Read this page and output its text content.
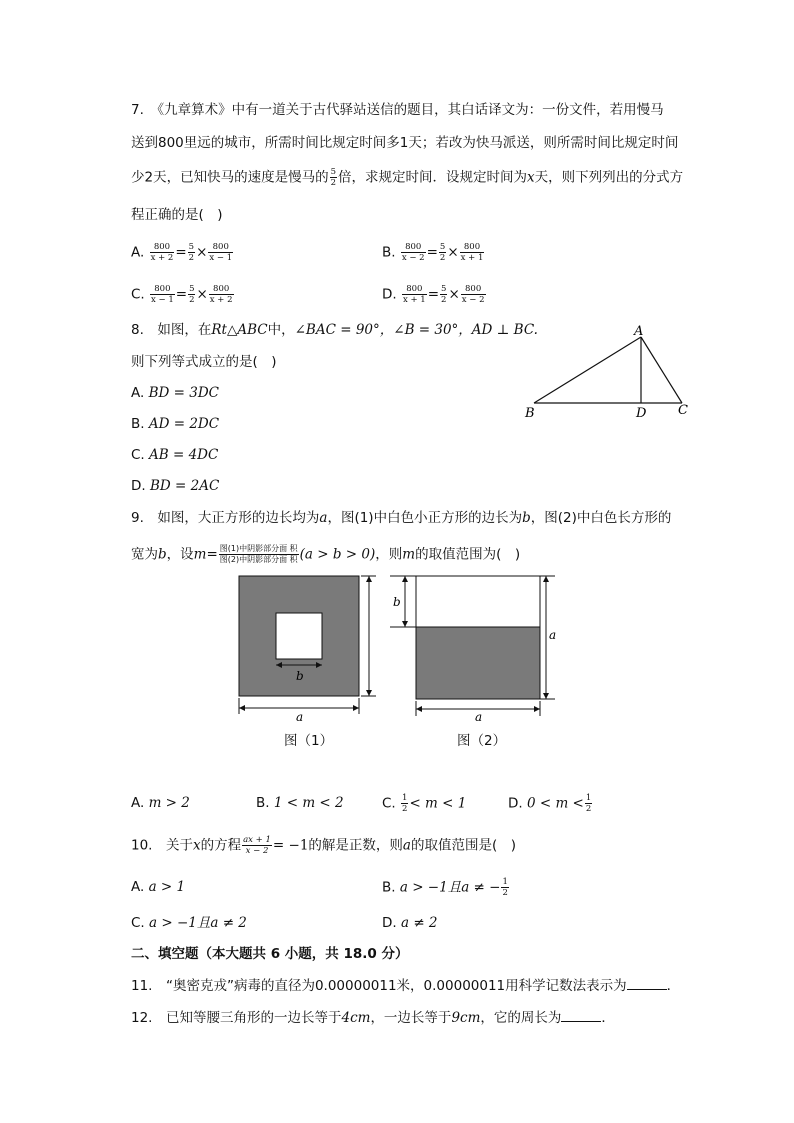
7.　《九章算术》中有一道关于古代驿站送信的题目，其白话译文为：一份文件，若用慢马
送到800里远的城市，所需时间比规定时间多1天；若改为快马派送，则所需时间比规定时间
少2天，已知快马的速度是慢马的 $\frac{5}{2}$ 倍，求规定时间．设规定时间为x天，则下列列出的分式方
程正确的是(　)
A. $\frac{800}{x + 2} = \frac{5}{2} \times \frac{800}{x - 1}$	B. $\frac{800}{x - 2} = \frac{5}{2} \times \frac{800}{x + 1}$
C. $\frac{800}{x - 1} = \frac{5}{2} \times \frac{800}{x + 2}$	D. $\frac{800}{x + 1} = \frac{5}{2} \times \frac{800}{x - 2}$
8.　如图，在Rt△ABC中，∠BAC = 90°，∠B = 30°，AD ⊥ BC.
则下列等式成立的是(　)
A. BD = 3DC
B. AD = 2DC
C. AB = 4DC
D. BD = 2AC
A
B	D C
9.　如图，大正方形的边长均为a，图(1)中白色小正方形的边长为b，图(2)中白色长方形的
宽为b，设$m= \frac{\text{图(1)中阴影部分面 积}}{\text{图(2)中阴影部分面 积}} (a > b > 0)$，则m的取值范围为(　)
b
a
b
a
a
图（1）	图（2）
A. m > 2	B. 1 < m < 2	C. $\frac{1}{2} < m < 1$	D. $0 < m < \frac{1}{2}$
10.　关于x的方程 $\frac{ax + 1}{x - 2} = -1$的解是正数，则a的取值范围是(　)
A. a > 1	B. a > −1且a ≠ − $\frac{1}{2}$
C. a > −1且a ≠ 2	D. a ≠ 2
二、填空题（本大题共 6 小题，共 18.0 分）
11.　“奥密克戎”病毒的直径为0.00000011米，0.00000011用科学记数法表示为	．
12.　已知等腰三角形的一边长等于4cm，一边长等于9cm，它的周长为	．
